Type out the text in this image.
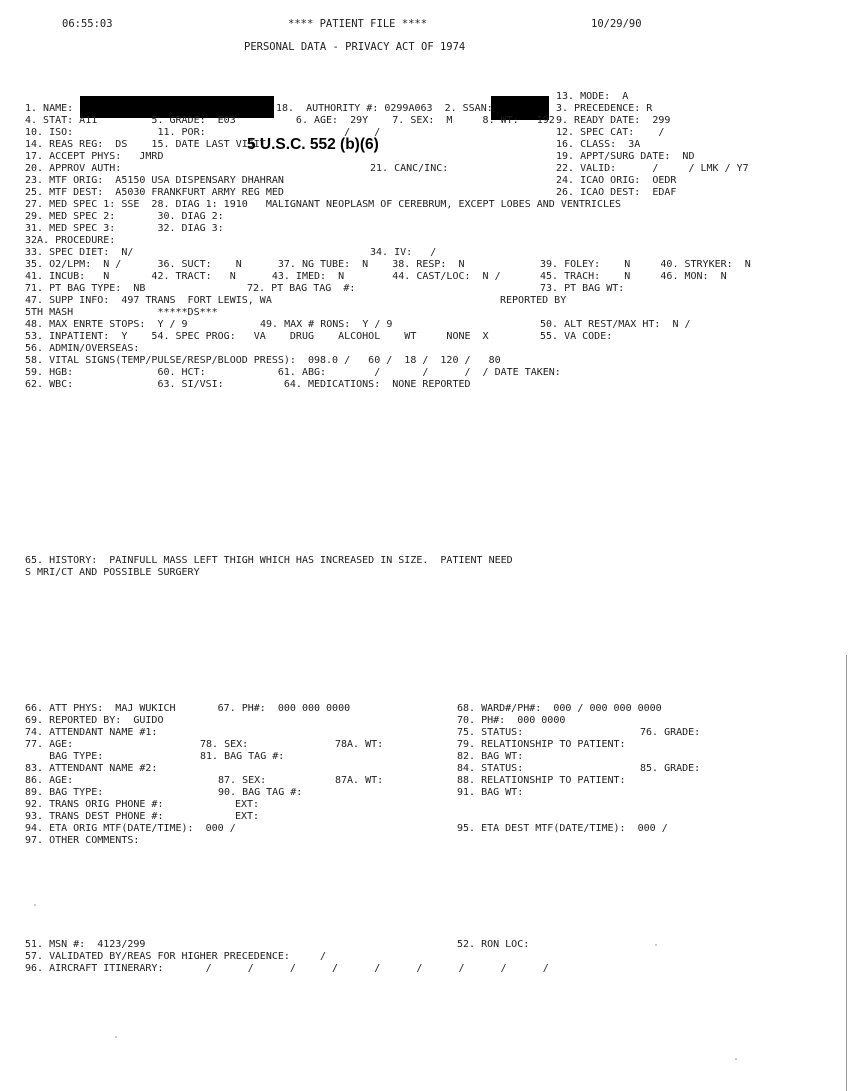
06:55:03	**** PATIENT FILE ****	10/29/90
PERSONAL DATA - PRIVACY ACT OF 1974
5 U.S.C. 552 (b)(6)
13. MODE:  A
1. NAME:	18.  AUTHORITY #: 0299A063  2. SSAN:	3. PRECEDENCE: R
4. STAT: A11         5. GRADE:  E03          6. AGE:  29Y    7. SEX:  M     8. WT:   192 9. READY DATE:  299
10. ISO:              11. POR:                       /    /	12. SPEC CAT:    /
14. REAS REG:  DS    15. DATE LAST VISIT:	16. CLASS:  3A
17. ACCEPT PHYS:   JMRD	19. APPT/SURG DATE:  ND
20. APPROV AUTH:	21. CANC/INC:	22. VALID:      /     / LMK / Y7
23. MTF ORIG:  A5150 USA DISPENSARY DHAHRAN	24. ICAO ORIG:  OEDR
25. MTF DEST:  A5030 FRANKFURT ARMY REG MED	26. ICAO DEST:  EDAF
27. MED SPEC 1: SSE  28. DIAG 1: 1910   MALIGNANT NEOPLASM OF CEREBRUM, EXCEPT LOBES AND VENTRICLES
29. MED SPEC 2:       30. DIAG 2:
31. MED SPEC 3:       32. DIAG 3:
32A. PROCEDURE:
33. SPEC DIET:  N/	34. IV:   /
35. O2/LPM:  N /      36. SUCT:    N      37. NG TUBE:  N    38. RESP:  N	39. FOLEY:    N     40. STRYKER:  N
41. INCUB:   N       42. TRACT:   N      43. IMED:  N        44. CAST/LOC:  N /	45. TRACH:    N     46. MON:  N
71. PT BAG TYPE:  NB	72. PT BAG TAG  #:	73. PT BAG WT:
47. SUPP INFO:  497 TRANS  FORT LEWIS, WA	REPORTED BY
5TH MASH              *****DS***
48. MAX ENRTE STOPS:  Y / 9	49. MAX # RONS:  Y / 9	50. ALT REST/MAX HT:  N /
53. INPATIENT:  Y    54. SPEC PROG:   VA    DRUG    ALCOHOL    WT     NONE  X	55. VA CODE:
56. ADMIN/OVERSEAS:
58. VITAL SIGNS(TEMP/PULSE/RESP/BLOOD PRESS):  098.0 /   60 /  18 /  120 /   80
59. HGB:              60. HCT:            61. ABG:        /       /      /  / DATE TAKEN:
62. WBC:              63. SI/VSI:          64. MEDICATIONS:  NONE REPORTED
65. HISTORY:  PAINFULL MASS LEFT THIGH WHICH HAS INCREASED IN SIZE.  PATIENT NEED
S MRI/CT AND POSSIBLE SURGERY
66. ATT PHYS:  MAJ WUKICH       67. PH#:  000 000 0000	68. WARD#/PH#:  000 / 000 000 0000
69. REPORTED BY:  GUIDO	70. PH#:  000 0000
74. ATTENDANT NAME #1:	75. STATUS:	76. GRADE:
77. AGE:	78. SEX:	78A. WT:	79. RELATIONSHIP TO PATIENT:
BAG TYPE:	81. BAG TAG #:	82. BAG WT:
83. ATTENDANT NAME #2:	84. STATUS:	85. GRADE:
86. AGE:	87. SEX:	87A. WT:	88. RELATIONSHIP TO PATIENT:
89. BAG TYPE:	90. BAG TAG #:	91. BAG WT:
92. TRANS ORIG PHONE #:	EXT:
93. TRANS DEST PHONE #:	EXT:
94. ETA ORIG MTF(DATE/TIME):  000 /	95. ETA DEST MTF(DATE/TIME):  000 /
97. OTHER COMMENTS:
51. MSN #:  4123/299	52. RON LOC:
57. VALIDATED BY/REAS FOR HIGHER PRECEDENCE:     /
96. AIRCRAFT ITINERARY:       /      /      /      /      /      /      /      /      /
